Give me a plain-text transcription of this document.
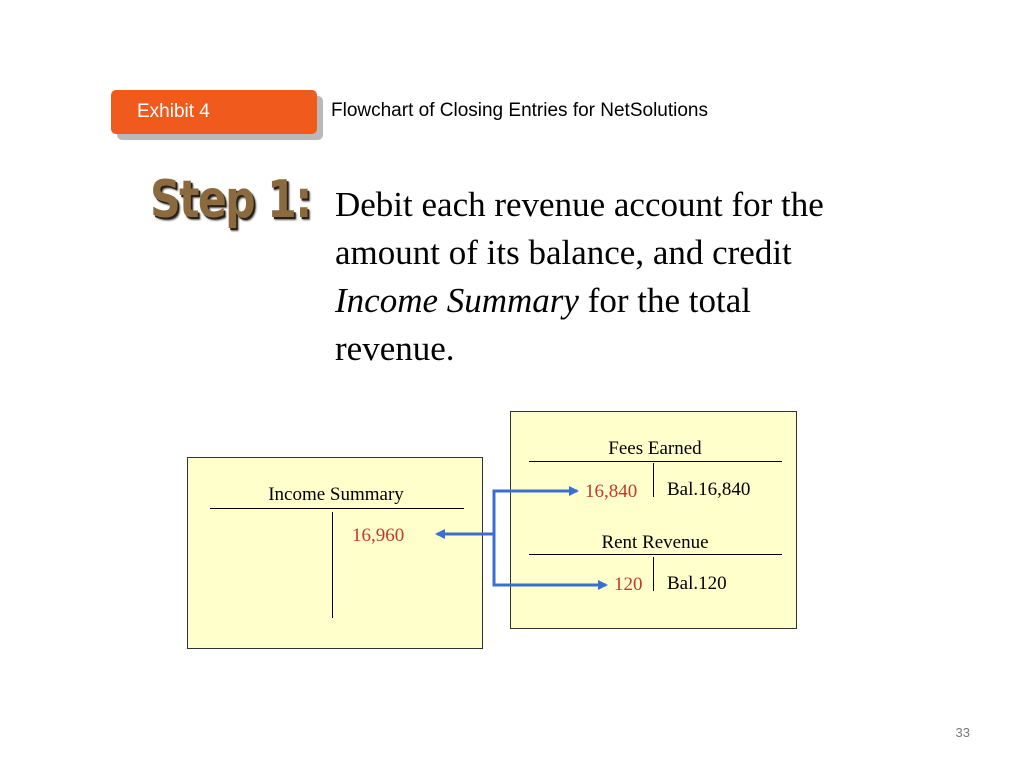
Exhibit 4	Flowchart of Closing Entries for NetSolutions
Step 1: Debit each revenue account for the amount of its balance, and credit Income Summary for the total revenue.
Income Summary
16,960
Fees Earned
16,840 Bal.16,840
Rent Revenue
120 Bal.120
33
